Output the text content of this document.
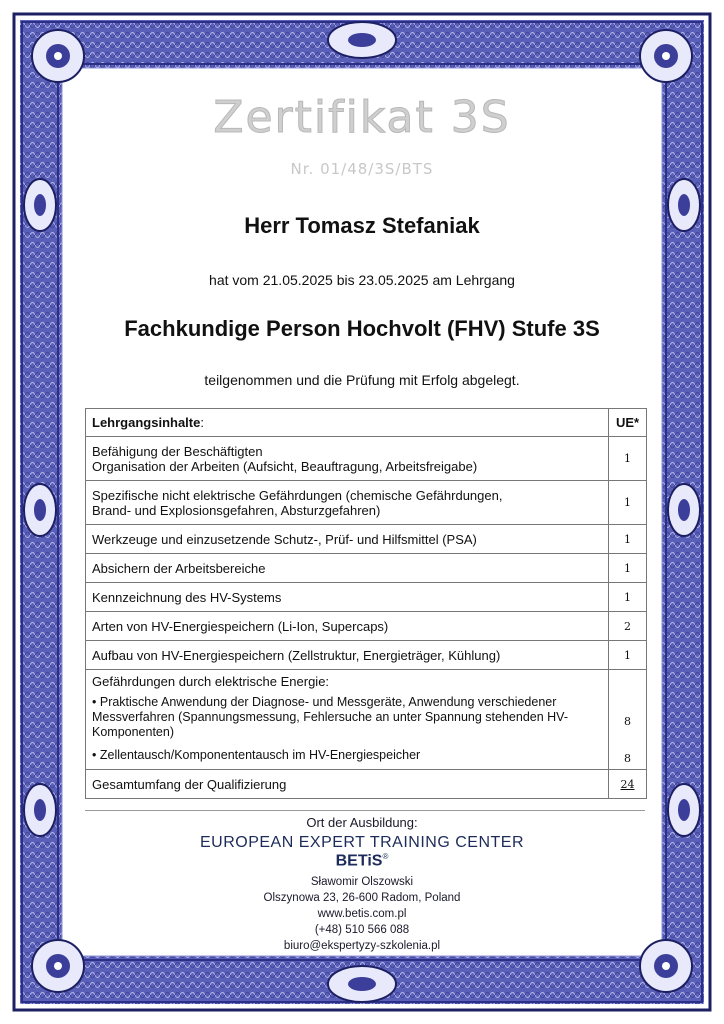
Zertifikat 3S
Nr. 01/48/3S/BTS
Herr Tomasz Stefaniak
hat vom 21.05.2025 bis 23.05.2025 am Lehrgang
Fachkundige Person Hochvolt (FHV) Stufe 3S
teilgenommen und die Prüfung mit Erfolg abgelegt.
Lehrgangsinhalte:	UE*
Befähigung der Beschäftigten
Organisation der Arbeiten (Aufsicht, Beauftragung, Arbeitsfreigabe)	1
Spezifische nicht elektrische Gefährdungen (chemische Gefährdungen,
Brand- und Explosionsgefahren, Absturzgefahren)	1
Werkzeuge und einzusetzende Schutz-, Prüf- und Hilfsmittel (PSA)	1
Absichern der Arbeitsbereiche	1
Kennzeichnung des HV-Systems	1
Arten von HV-Energiespeichern (Li-Ion, Supercaps)	2
Aufbau von HV-Energiespeichern (Zellstruktur, Energieträger, Kühlung)	1

Gefährdungen durch elektrische Energie:
• Praktische Anwendung der Diagnose- und Messgeräte, Anwendung verschiedener Messverfahren (Spannungsmessung, Fehlersuche an unter Spannung stehenden HV-Komponenten)	8
• Zellentausch/Komponententausch im HV-Energiespeicher	8
Gesamtumfang der Qualifizierung	24
Ort der Ausbildung:
EUROPEAN EXPERT TRAINING CENTER
BETiS®
Sławomir Olszowski
Olszynowa 23, 26-600 Radom, Poland
www.betis.com.pl
(+48) 510 566 088
biuro@ekspertyzy-szkolenia.pl
